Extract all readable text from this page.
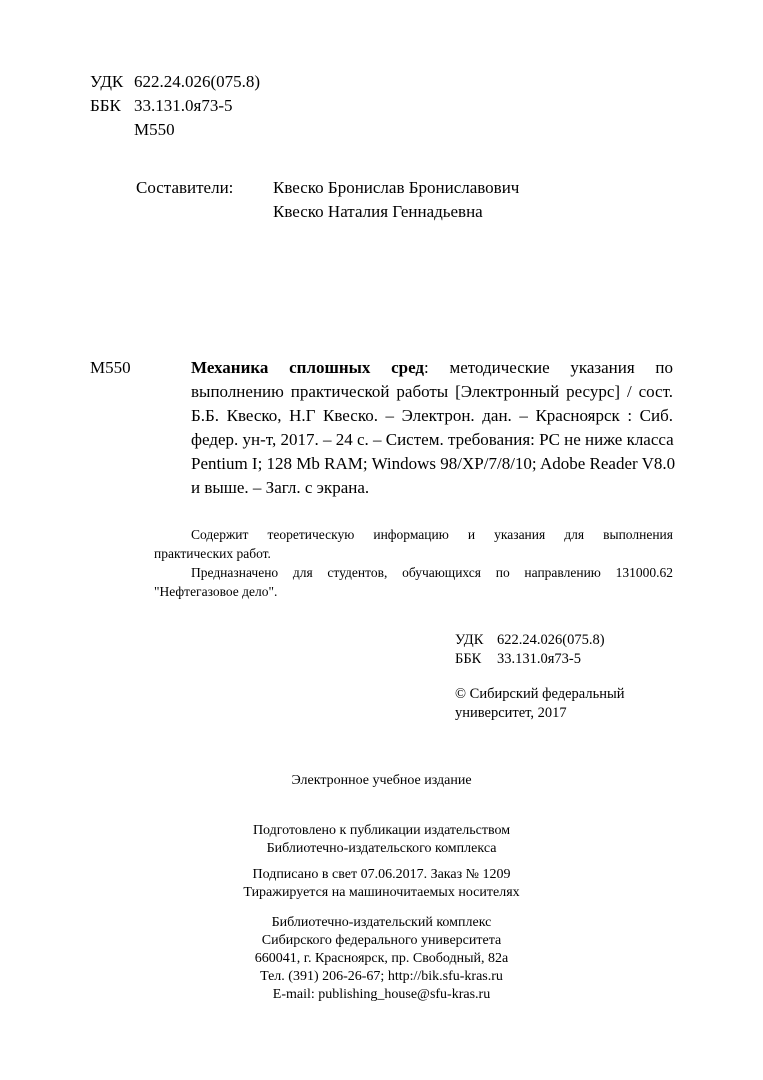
УДК 622.24.026(075.8)
ББК 33.131.0я73-5
М550
Составители: Квеско Бронислав Брониславович
Квеско Наталия Геннадьевна
М550	Механика сплошных сред: методические указания по
выполнению практической работы [Электронный ресурс] / сост.
Б.Б. Квеско, Н.Г Квеско. – Электрон. дан. – Красноярск : Сиб.
федер. ун-т, 2017. – 24 с. – Систем. требования: PC не ниже класса
Pentium I; 128 Mb RAM; Windows 98/XP/7/8/10; Adobe Reader V8.0
и выше. – Загл. с экрана.
Содержит теоретическую информацию и указания для выполнения
практических работ.
Предназначено для студентов, обучающихся по направлению 131000.62
"Нефтегазовое дело".
УДК 622.24.026(075.8)
ББК 33.131.0я73-5
© Сибирский федеральный
университет, 2017
Электронное учебное издание
Подготовлено к публикации издательством
Библиотечно-издательского комплекса
Подписано в свет 07.06.2017. Заказ № 1209
Тиражируется на машиночитаемых носителях
Библиотечно-издательский комплекс
Сибирского федерального университета
660041, г. Красноярск, пр. Свободный, 82а
Тел. (391) 206-26-67; http://bik.sfu-kras.ru
E-mail: publishing_house@sfu-kras.ru
